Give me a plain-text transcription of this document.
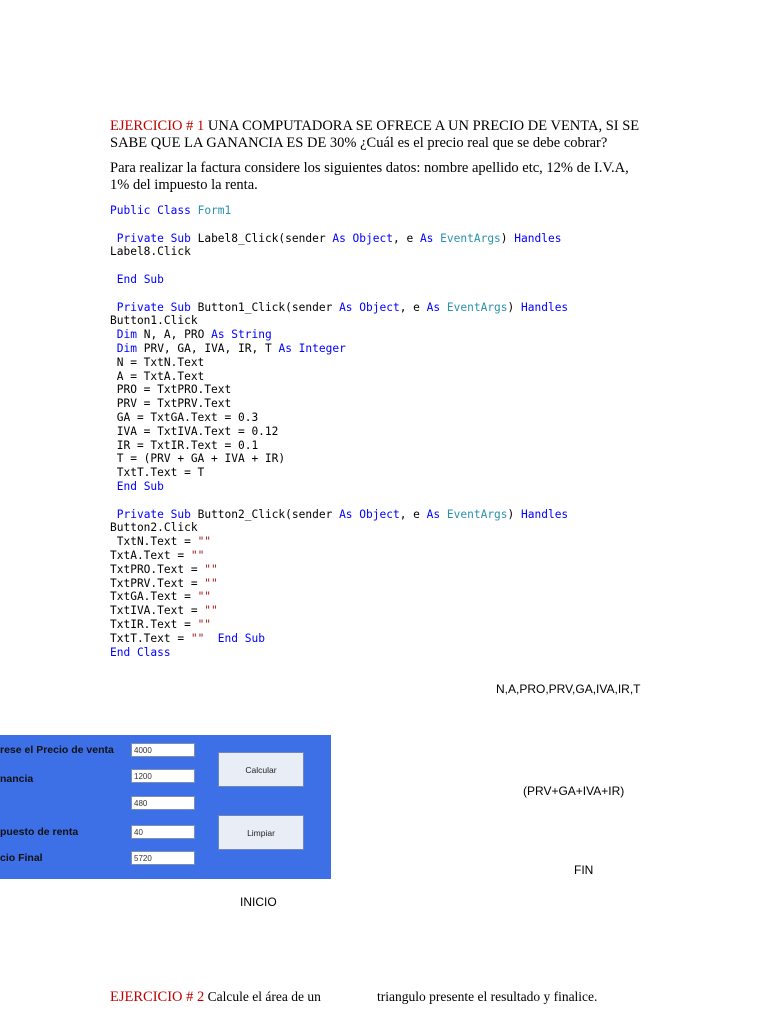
EJERCICIO # 1 UNA COMPUTADORA SE OFRECE A UN PRECIO DE VENTA, SI SE SABE QUE LA GANANCIA ES DE 30% ¿Cuál es el precio real que se debe cobrar?
Para realizar la factura considere los siguientes datos: nombre apellido etc, 12% de I.V.A, 1% del impuesto la renta.
Public Class Form1

Private Sub Label8_Click(sender As Object, e As EventArgs) Handles
Label8.Click

End Sub

Private Sub Button1_Click(sender As Object, e As EventArgs) Handles
Button1.Click
Dim N, A, PRO As String
Dim PRV, GA, IVA, IR, T As Integer
N = TxtN.Text
A = TxtA.Text
PRO = TxtPRO.Text
PRV = TxtPRV.Text
GA = TxtGA.Text = 0.3
IVA = TxtIVA.Text = 0.12
IR = TxtIR.Text = 0.1
T = (PRV + GA + IVA + IR)
TxtT.Text = T
End Sub

Private Sub Button2_Click(sender As Object, e As EventArgs) Handles
Button2.Click
TxtN.Text = ""
TxtA.Text = ""
TxtPRO.Text = ""
TxtPRV.Text = ""
TxtGA.Text = ""
TxtIVA.Text = ""
TxtIR.Text = ""
TxtT.Text = "" End Sub
End Class
N,A,PRO,PRV,GA,IVA,IR,T
(PRV+GA+IVA+IR)
FIN
INICIO
rese el Precio de venta
nancia
puesto de renta
cio Final
4000
1200
480
40
5720
Calcular
Limpiar
EJERCICIO # 2 Calcule el área de un	triangulo presente el resultado y finalice.
